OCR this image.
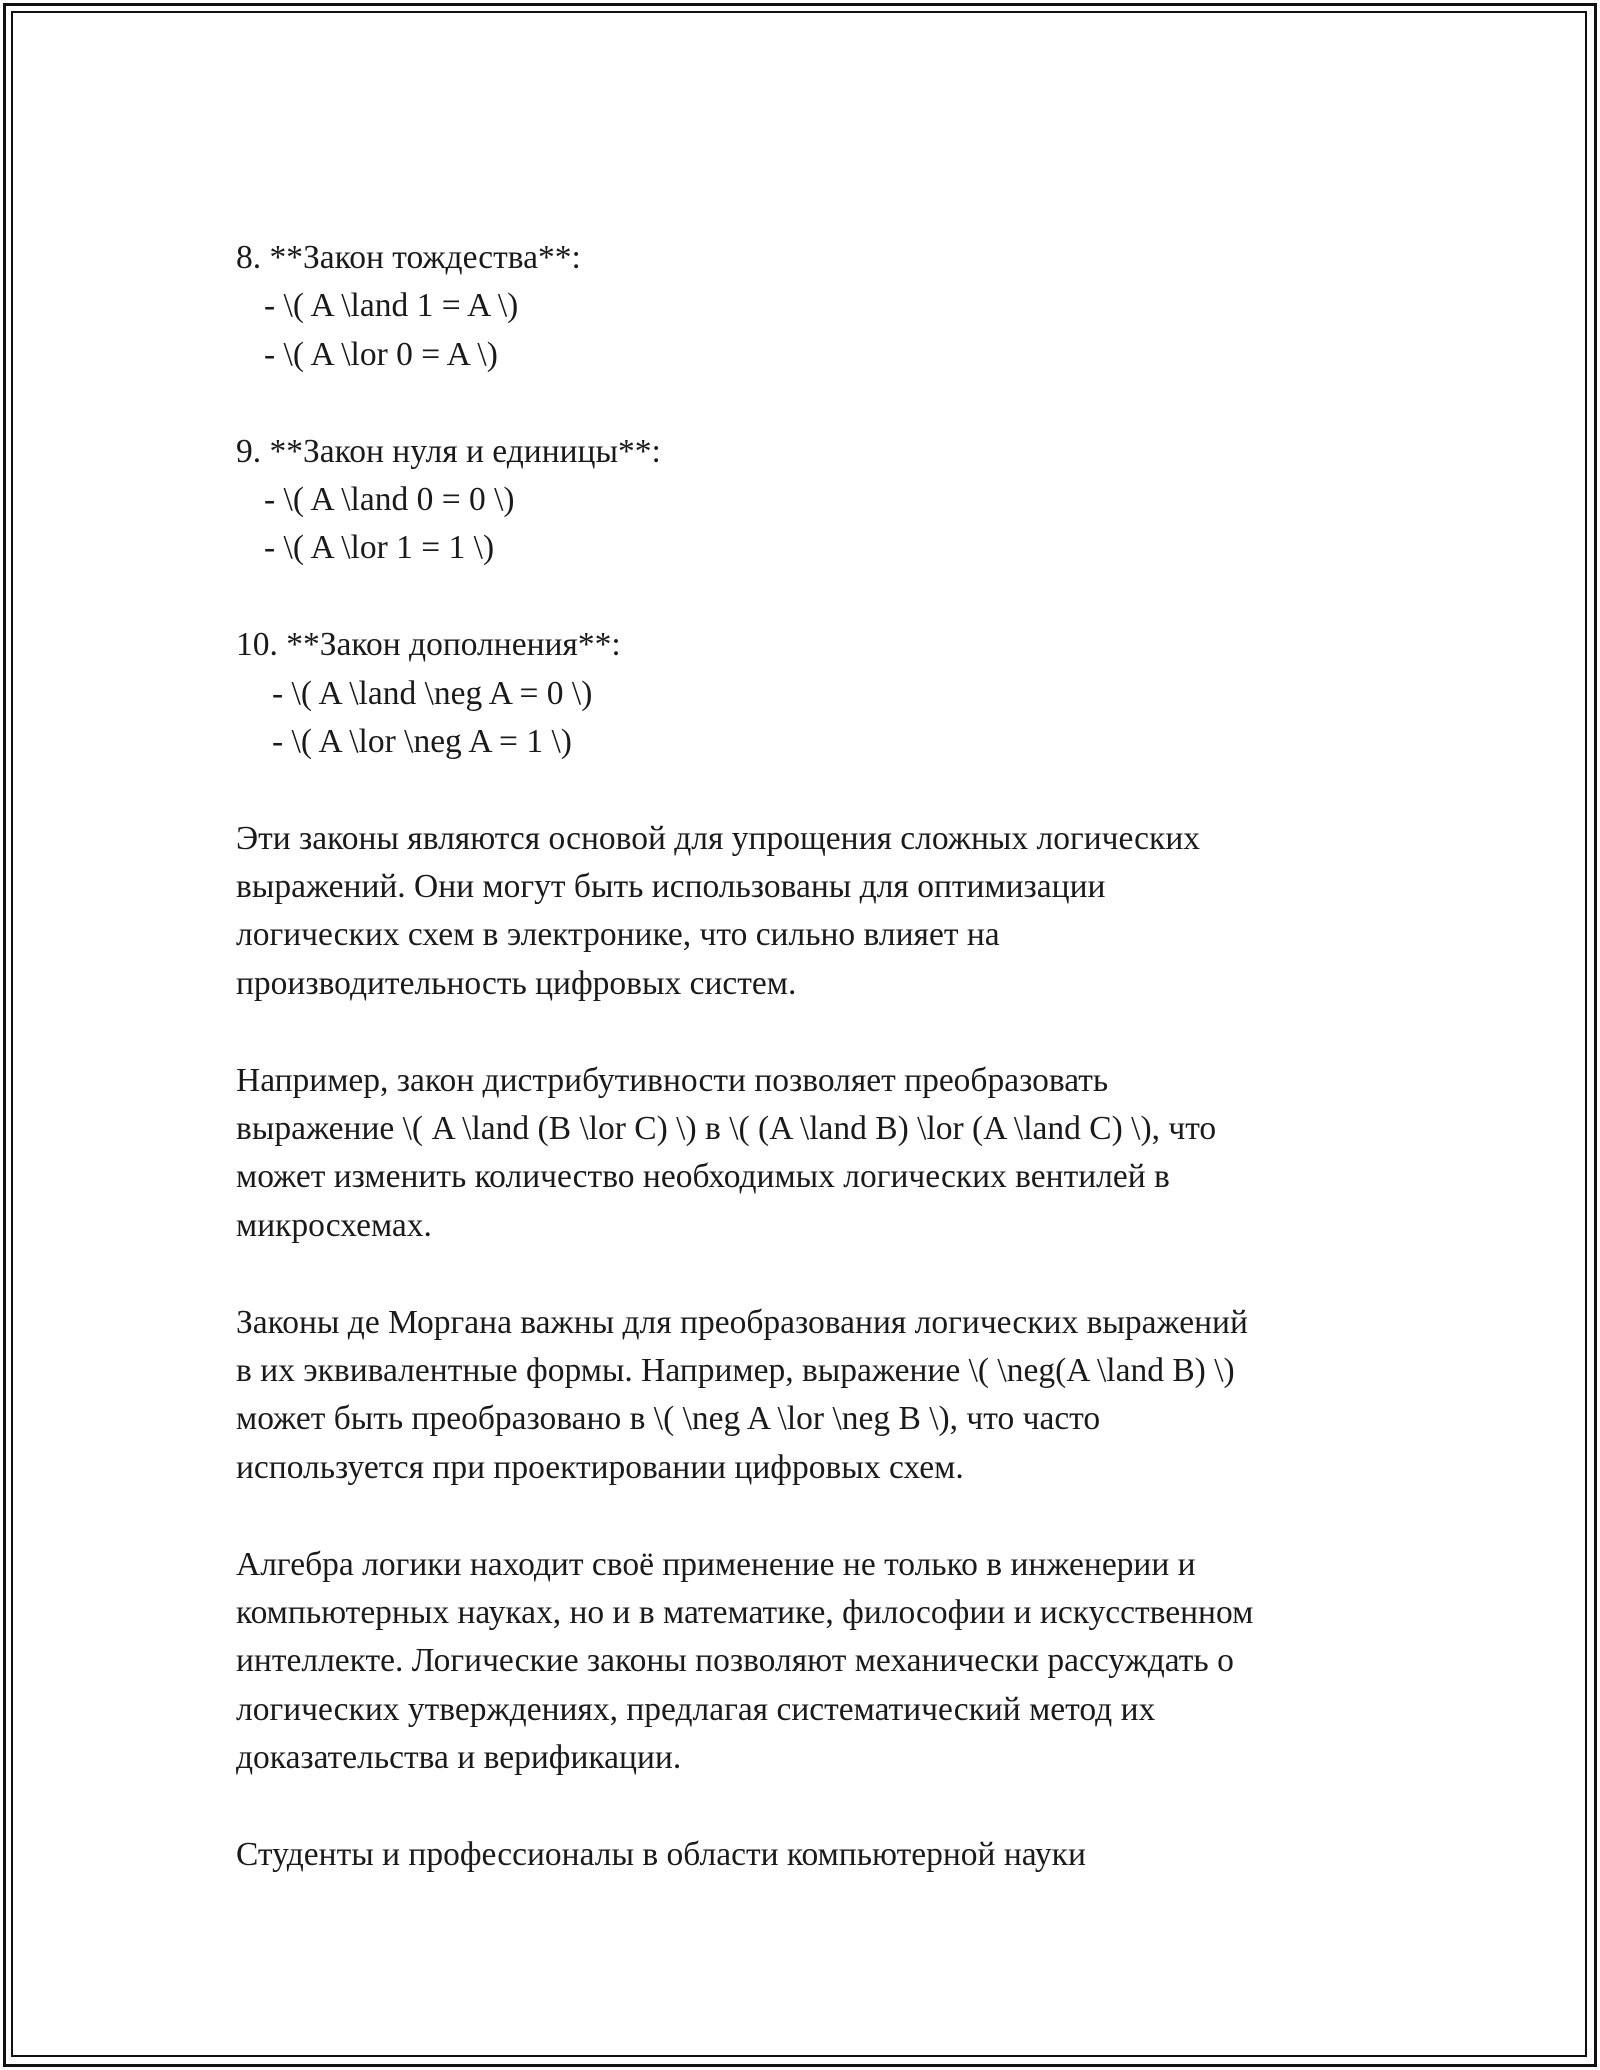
8. **Закон тождества**:
- \( A \land 1 = A \)
- \( A \lor 0 = A \)
9. **Закон нуля и единицы**:
- \( A \land 0 = 0 \)
- \( A \lor 1 = 1 \)
10. **Закон дополнения**:
- \( A \land \neg A = 0 \)
- \( A \lor \neg A = 1 \)
Эти законы являются основой для упрощения сложных логических
выражений. Они могут быть использованы для оптимизации
логических схем в электронике, что сильно влияет на
производительность цифровых систем.
Например, закон дистрибутивности позволяет преобразовать
выражение \( A \land (B \lor C) \) в \( (A \land B) \lor (A \land C) \), что
может изменить количество необходимых логических вентилей в
микросхемах.
Законы де Моргана важны для преобразования логических выражений
в их эквивалентные формы. Например, выражение \( \neg(A \land B) \)
может быть преобразовано в \( \neg A \lor \neg B \), что часто
используется при проектировании цифровых схем.
Алгебра логики находит своё применение не только в инженерии и
компьютерных науках, но и в математике, философии и искусственном
интеллекте. Логические законы позволяют механически рассуждать о
логических утверждениях, предлагая систематический метод их
доказательства и верификации.
Студенты и профессионалы в области компьютерной науки
